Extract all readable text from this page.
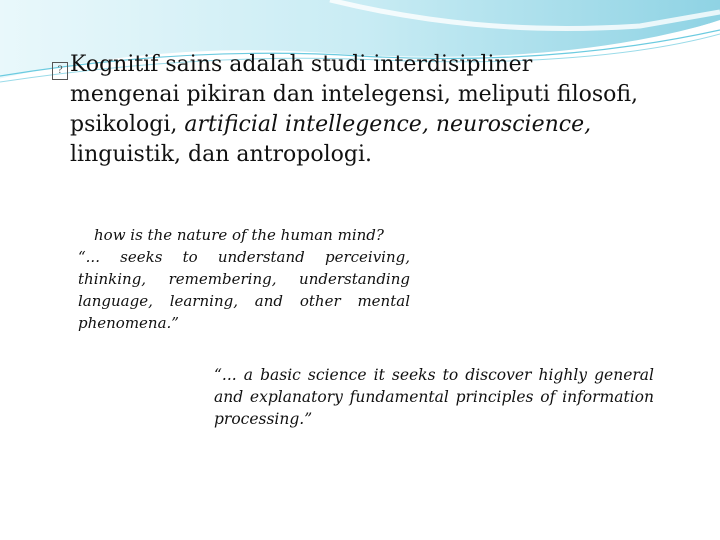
? Kognitif sains adalah studi interdisipliner
mengenai pikiran dan intelegensi, meliputi filosofi,
psikologi, artificial intellegence, neuroscience,
linguistik, dan antropologi.
how is the nature of the human mind?
“... seeks to understand perceiving, thinking, remembering, understanding language, learning, and other mental phenomena.”
“... a basic science it seeks to discover highly general and explanatory fundamental principles of information processing.”
